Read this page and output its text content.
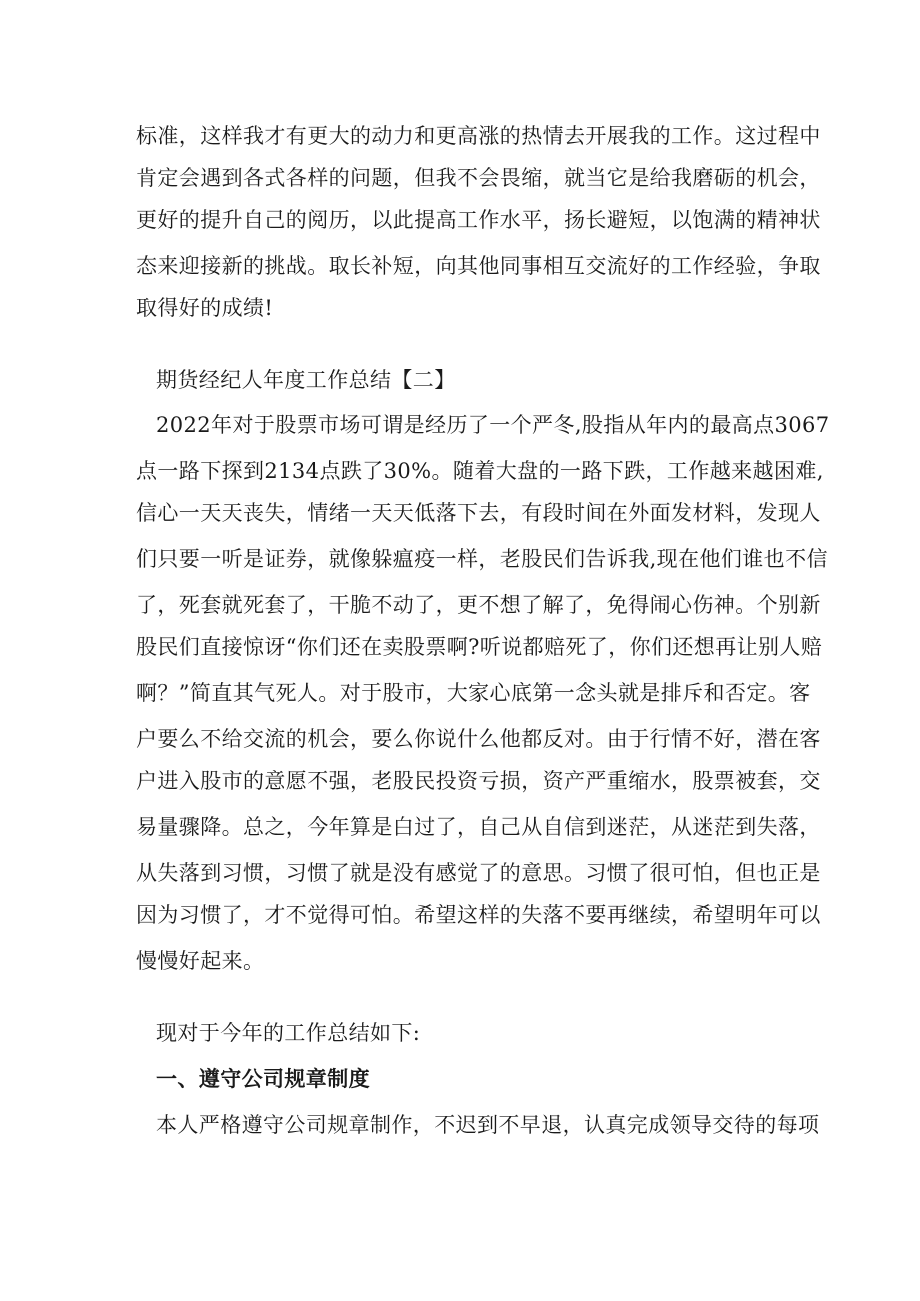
标准，这样我才有更大的动力和更高涨的热情去开展我的工作。这过程中
肯定会遇到各式各样的问题，但我不会畏缩，就当它是给我磨砺的机会，
更好的提升自己的阅历，以此提高工作水平，扬长避短，以饱满的精神状
态来迎接新的挑战。取长补短，向其他同事相互交流好的工作经验，争取
取得好的成绩!
期货经纪人年度工作总结【二】
2022年对于股票市场可谓是经历了一个严冬,股指从年内的最高点3067
点一路下探到2134点跌了30%。随着大盘的一路下跌，工作越来越困难,
信心一天天丧失，情绪一天天低落下去，有段时间在外面发材料，发现人
们只要一听是证券，就像躲瘟疫一样，老股民们告诉我,现在他们谁也不信
了，死套就死套了，干脆不动了，更不想了解了，免得闹心伤神。个别新
股民们直接惊讶“你们还在卖股票啊?听说都赔死了，你们还想再让别人赔
啊？”简直其气死人。对于股市，大家心底第一念头就是排斥和否定。客
户要么不给交流的机会，要么你说什么他都反对。由于行情不好，潜在客
户进入股市的意愿不强，老股民投资亏损，资产严重缩水，股票被套，交
易量骤降。总之，今年算是白过了，自己从自信到迷茫，从迷茫到失落，
从失落到习惯，习惯了就是没有感觉了的意思。习惯了很可怕，但也正是
因为习惯了，才不觉得可怕。希望这样的失落不要再继续，希望明年可以
慢慢好起来。
现对于今年的工作总结如下:
一、遵守公司规章制度
本人严格遵守公司规章制作，不迟到不早退，认真完成领导交待的每项
